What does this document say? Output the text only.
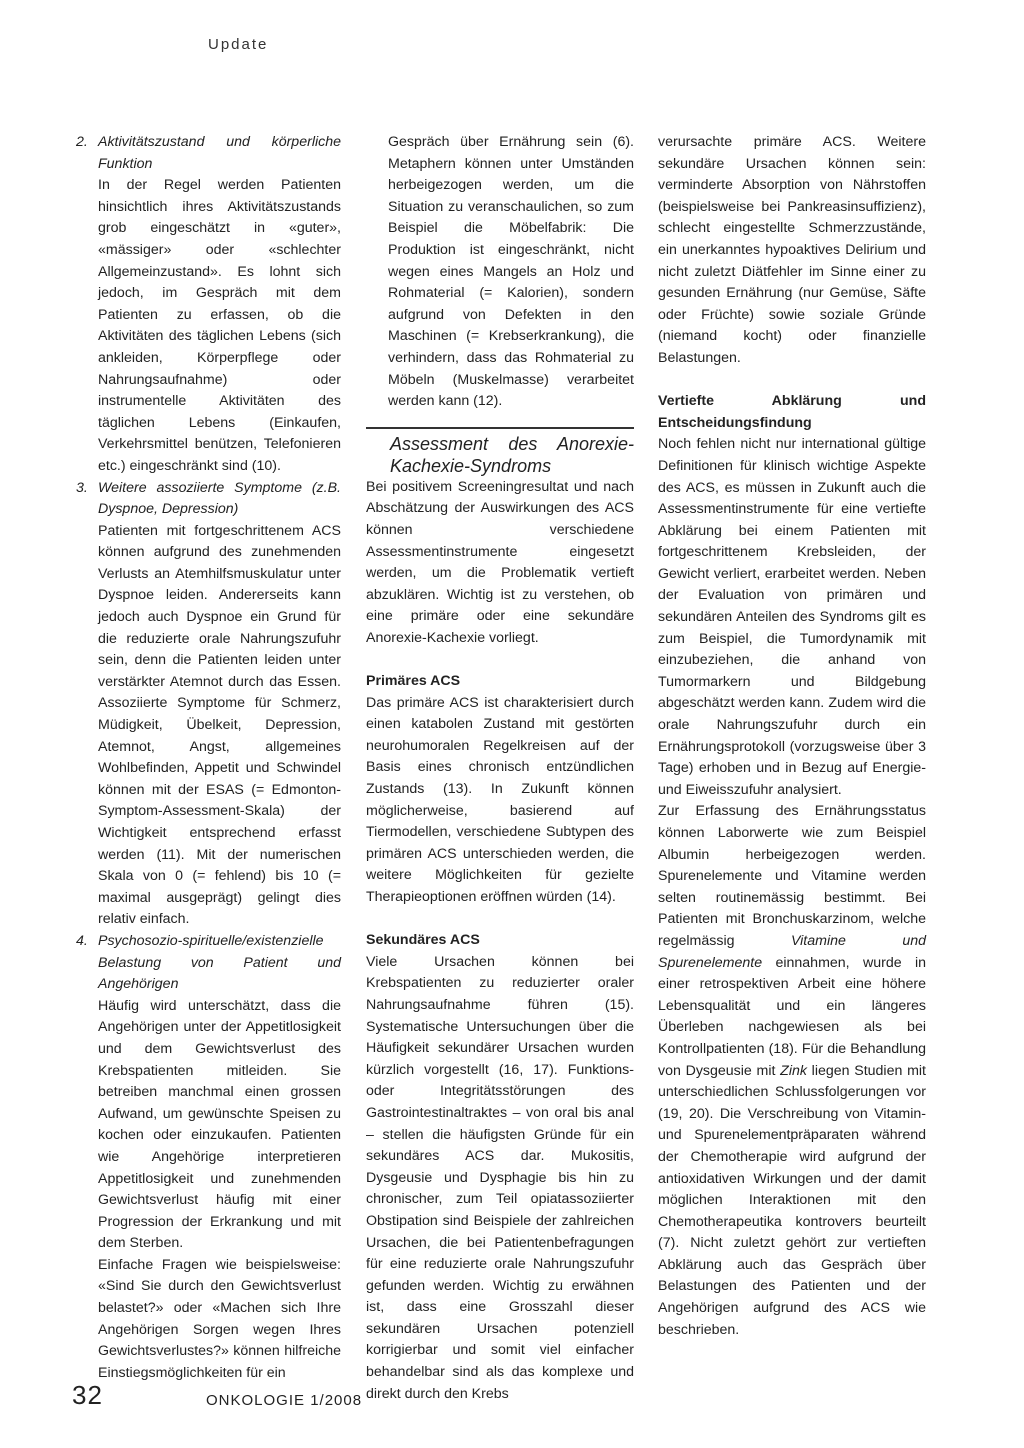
Update
2. Aktivitätszustand und körperliche Funktion

In der Regel werden Patienten hinsichtlich ihres Aktivitätszustands grob eingeschätzt in «guter», «mässiger» oder «schlechter Allgemeinzustand». Es lohnt sich jedoch, im Gespräch mit dem Patienten zu erfassen, ob die Aktivitäten des täglichen Lebens (sich ankleiden, Körperpflege oder Nahrungsaufnahme) oder instrumentelle Aktivitäten des täglichen Lebens (Einkaufen, Verkehrsmittel benützen, Telefonieren etc.) eingeschränkt sind (10).

3. Weitere assoziierte Symptome (z.B. Dyspnoe, Depression)

Patienten mit fortgeschrittenem ACS können aufgrund des zunehmenden Verlusts an Atemhilfsmuskulatur unter Dyspnoe leiden. Andererseits kann jedoch auch Dyspnoe ein Grund für die reduzierte orale Nahrungszufuhr sein, denn die Patienten leiden unter verstärkter Atemnot durch das Essen. Assoziierte Symptome für Schmerz, Müdigkeit, Übelkeit, Depression, Atemnot, Angst, allgemeines Wohlbefinden, Appetit und Schwindel können mit der ESAS (= Edmonton-Symptom-Assessment-Skala) der Wichtigkeit entsprechend erfasst werden (11). Mit der numerischen Skala von 0 (= fehlend) bis 10 (= maximal ausgeprägt) gelingt dies relativ einfach.

4. Psychosozio-spirituelle/existenzielle Belastung von Patient und Angehörigen

Häufig wird unterschätzt, dass die Angehörigen unter der Appetitlosigkeit und dem Gewichtsverlust des Krebspatienten mitleiden. Sie betreiben manchmal einen grossen Aufwand, um gewünschte Speisen zu kochen oder einzukaufen. Patienten wie Angehörige interpretieren Appetitlosigkeit und zunehmenden Gewichtsverlust häufig mit einer Progression der Erkrankung und mit dem Sterben.

Einfache Fragen wie beispielsweise: «Sind Sie durch den Gewichtsverlust belastet?» oder «Machen sich Ihre Angehörigen Sorgen wegen Ihres Gewichtsverlustes?» können hilfreiche Einstiegsmöglichkeiten für ein

Gespräch über Ernährung sein (6). Metaphern können unter Umständen herbeigezogen werden, um die Situation zu veranschaulichen, so zum Beispiel die Möbelfabrik: Die Produktion ist eingeschränkt, nicht wegen eines Mangels an Holz und Rohmaterial (= Kalorien), sondern aufgrund von Defekten in den Maschinen (= Krebserkrankung), die verhindern, dass das Rohmaterial zu Möbeln (Muskelmasse) verarbeitet werden kann (12).

Assessment des Anorexie-Kachexie-Syndroms

Bei positivem Screeningresultat und nach Abschätzung der Auswirkungen des ACS können verschiedene Assessmentinstrumente eingesetzt werden, um die Problematik vertieft abzuklären. Wichtig ist zu verstehen, ob eine primäre oder eine sekundäre Anorexie-Kachexie vorliegt.

Primäres ACS

Das primäre ACS ist charakterisiert durch einen katabolen Zustand mit gestörten neurohumoralen Regelkreisen auf der Basis eines chronisch entzündlichen Zustands (13). In Zukunft können möglicherweise, basierend auf Tiermodellen, verschiedene Subtypen des primären ACS unterschieden werden, die weitere Möglichkeiten für gezielte Therapieoptionen eröffnen würden (14).

Sekundäres ACS

Viele Ursachen können bei Krebspatienten zu reduzierter oraler Nahrungsaufnahme führen (15). Systematische Untersuchungen über die Häufigkeit sekundärer Ursachen wurden kürzlich vorgestellt (16, 17). Funktions- oder Integritätsstörungen des Gastrointestinaltraktes – von oral bis anal – stellen die häufigsten Gründe für ein sekundäres ACS dar. Mukositis, Dysgeusie und Dysphagie bis hin zu chronischer, zum Teil opiatassoziierter Obstipation sind Beispiele der zahlreichen Ursachen, die bei Patientenbefragungen für eine reduzierte orale Nahrungszufuhr gefunden werden. Wichtig zu erwähnen ist, dass eine Grosszahl dieser sekundären Ursachen potenziell korrigierbar und somit viel einfacher behandelbar sind als das komplexe und direkt durch den Krebs

verursachte primäre ACS. Weitere sekundäre Ursachen können sein: verminderte Absorption von Nährstoffen (beispielsweise bei Pankreasinsuffizienz), schlecht eingestellte Schmerzzustände, ein unerkanntes hypoaktives Delirium und nicht zuletzt Diätfehler im Sinne einer zu gesunden Ernährung (nur Gemüse, Säfte oder Früchte) sowie soziale Gründe (niemand kocht) oder finanzielle Belastungen.

Vertiefte Abklärung und Entscheidungsfindung

Noch fehlen nicht nur international gültige Definitionen für klinisch wichtige Aspekte des ACS, es müssen in Zukunft auch die Assessmentinstrumente für eine vertiefte Abklärung bei einem Patienten mit fortgeschrittenem Krebsleiden, der Gewicht verliert, erarbeitet werden. Neben der Evaluation von primären und sekundären Anteilen des Syndroms gilt es zum Beispiel, die Tumordynamik mit einzubeziehen, die anhand von Tumormarkern und Bildgebung abgeschätzt werden kann. Zudem wird die orale Nahrungszufuhr durch ein Ernährungsprotokoll (vorzugsweise über 3 Tage) erhoben und in Bezug auf Energie- und Eiweisszufuhr analysiert.

Zur Erfassung des Ernährungsstatus können Laborwerte wie zum Beispiel Albumin herbeigezogen werden. Spurenelemente und Vitamine werden selten routinemässig bestimmt. Bei Patienten mit Bronchuskarzinom, welche regelmässig Vitamine und Spurenelemente einnahmen, wurde in einer retrospektiven Arbeit eine höhere Lebensqualität und ein längeres Überleben nachgewiesen als bei Kontrollpatienten (18). Für die Behandlung von Dysgeusie mit Zink liegen Studien mit unterschiedlichen Schlussfolgerungen vor (19, 20). Die Verschreibung von Vitamin- und Spurenelementpräparaten während der Chemotherapie wird aufgrund der antioxidativen Wirkungen und der damit möglichen Interaktionen mit den Chemotherapeutika kontrovers beurteilt (7). Nicht zuletzt gehört zur vertieften Abklärung auch das Gespräch über Belastungen des Patienten und der Angehörigen aufgrund des ACS wie beschrieben.

32	ONKOLOGIE 1/2008
